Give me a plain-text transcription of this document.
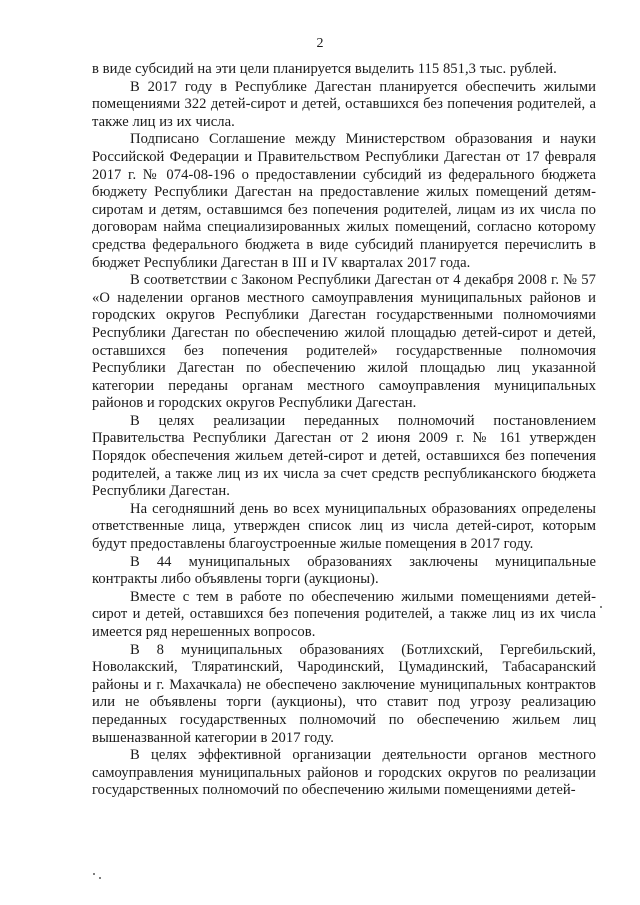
2

в виде субсидий на эти цели планируется выделить 115 851,3 тыс. рублей.

В 2017 году в Республике Дагестан планируется обеспечить жилыми помещениями 322 детей-сирот и детей, оставшихся без попечения родителей, а также лиц из их числа.

Подписано Соглашение между Министерством образования и науки Российской Федерации и Правительством Республики Дагестан от 17 февраля 2017 г. № 074-08-196 о предоставлении субсидий из федерального бюджета бюджету Республики Дагестан на предоставление жилых помещений детям-сиротам и детям, оставшимся без попечения родителей, лицам из их числа по договорам найма специализированных жилых помещений, согласно которому средства федерального бюджета в виде субсидий планируется перечислить в бюджет Республики Дагестан в III и IV кварталах 2017 года.

В соответствии с Законом Республики Дагестан от 4 декабря 2008 г. № 57 «О наделении органов местного самоуправления муниципальных районов и городских округов Республики Дагестан государственными полномочиями Республики Дагестан по обеспечению жилой площадью детей-сирот и детей, оставшихся без попечения родителей» государственные полномочия Республики Дагестан по обеспечению жилой площадью лиц указанной категории переданы органам местного самоуправления муниципальных районов и городских округов Республики Дагестан.

В целях реализации переданных полномочий постановлением Правительства Республики Дагестан от 2 июня 2009 г. № 161 утвержден Порядок обеспечения жильем детей-сирот и детей, оставшихся без попечения родителей, а также лиц из их числа за счет средств республиканского бюджета Республики Дагестан.

На сегодняшний день во всех муниципальных образованиях определены ответственные лица, утвержден список лиц из числа детей-сирот, которым будут предоставлены благоустроенные жилые помещения в 2017 году.

В 44 муниципальных образованиях заключены муниципальные контракты либо объявлены торги (аукционы).

Вместе с тем в работе по обеспечению жилыми помещениями детей-сирот и детей, оставшихся без попечения родителей, а также лиц из их числа имеется ряд нерешенных вопросов.

В 8 муниципальных образованиях (Ботлихский, Гергебильский, Новолакский, Тляратинский, Чародинский, Цумадинский, Табасаранский районы и г. Махачкала) не обеспечено заключение муниципальных контрактов или не объявлены торги (аукционы), что ставит под угрозу реализацию переданных государственных полномочий по обеспечению жильем лиц вышеназванной категории в 2017 году.

В целях эффективной организации деятельности органов местного самоуправления муниципальных районов и городских округов по реализации государственных полномочий по обеспечению жилыми помещениями детей-
